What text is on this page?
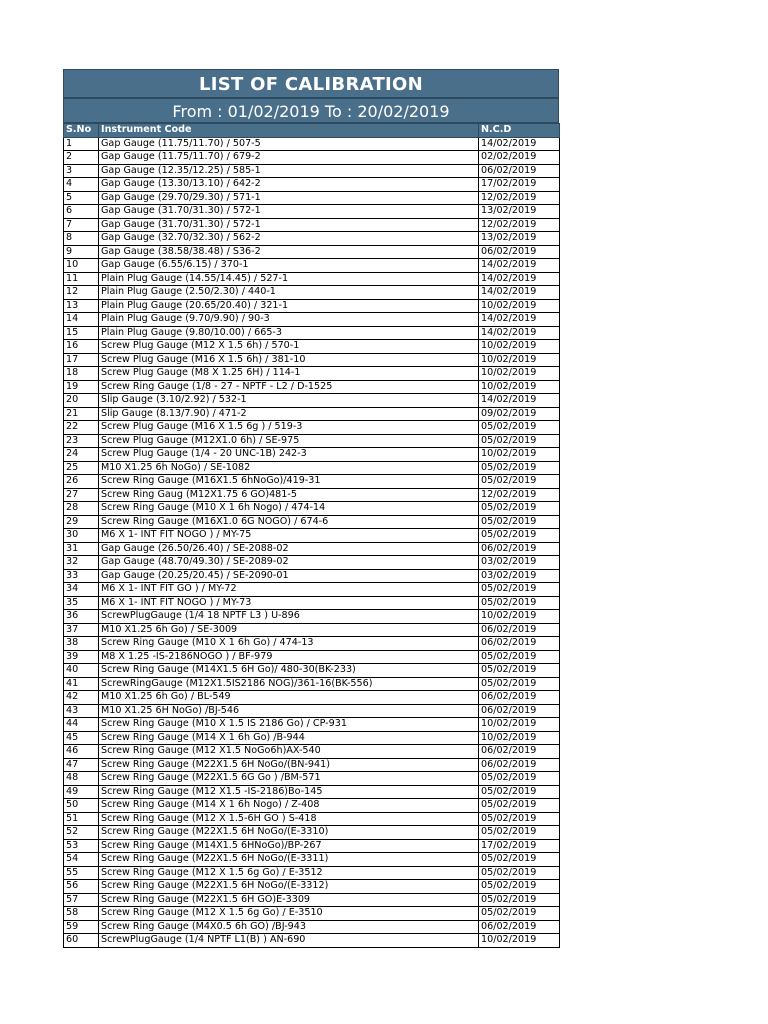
LIST OF CALIBRATION
From : 01/02/2019 To : 20/02/2019
S.No	Instrument Code	N.C.D
1	Gap Gauge (11.75/11.70) / 507-5	14/02/2019
2	Gap Gauge (11.75/11.70) / 679-2	02/02/2019
3	Gap Gauge (12.35/12.25) / 585-1	06/02/2019
4	Gap Gauge (13.30/13.10) / 642-2	17/02/2019
5	Gap Gauge (29.70/29.30) / 571-1	12/02/2019
6	Gap Gauge (31.70/31.30) / 572-1	13/02/2019
7	Gap Gauge (31.70/31.30) / 572-1	12/02/2019
8	Gap Gauge (32.70/32.30) / 562-2	13/02/2019
9	Gap Gauge (38.58/38.48) / S36-2	06/02/2019
10	Gap Gauge (6.55/6.15) / 370-1	14/02/2019
11	Plain Plug Gauge (14.55/14.45) / 527-1	14/02/2019
12	Plain Plug Gauge (2.50/2.30) / 440-1	14/02/2019
13	Plain Plug Gauge (20.65/20.40) / 321-1	10/02/2019
14	Plain Plug Gauge (9.70/9.90) / 90-3	14/02/2019
15	Plain Plug Gauge (9.80/10.00) / 665-3	14/02/2019
16	Screw Plug Gauge (M12 X 1.5 6h) / 570-1	10/02/2019
17	Screw Plug Gauge (M16 X 1.5 6h) / 381-10	10/02/2019
18	Screw Plug Gauge (M8 X 1.25 6H) / 114-1	10/02/2019
19	Screw Ring Gauge (1/8 - 27 - NPTF - L2 / D-1525	10/02/2019
20	Slip Gauge (3.10/2.92) / 532-1	14/02/2019
21	Slip Gauge (8.13/7.90) / 471-2	09/02/2019
22	Screw Plug Gauge (M16 X 1.5 6g ) / 519-3	05/02/2019
23	Screw Plug Gauge (M12X1.0 6h) / SE-975	05/02/2019
24	Screw Plug Gauge (1/4 - 20 UNC-1B) 242-3	10/02/2019
25	M10 X1.25 6h NoGo) / SE-1082	05/02/2019
26	Screw Ring Gauge (M16X1.5 6hNoGo)/419-31	05/02/2019
27	Screw Ring Gaug (M12X1.75 6 GO)481-5	12/02/2019
28	Screw Ring Gauge (M10 X 1 6h Nogo) / 474-14	05/02/2019
29	Screw Ring Gauge (M16X1.0 6G NOGO) / 674-6	05/02/2019
30	M6 X 1- INT FIT NOGO ) / MY-75	05/02/2019
31	Gap Gauge (26.50/26.40) / SE-2088-02	06/02/2019
32	Gap Gauge (48.70/49.30) / SE-2089-02	03/02/2019
33	Gap Gauge (20.25/20.45) / SE-2090-01	03/02/2019
34	M6 X 1- INT FIT GO ) / MY-72	05/02/2019
35	M6 X 1- INT FIT NOGO ) / MY-73	05/02/2019
36	ScrewPlugGauge (1/4 18 NPTF L3 ) U-896	10/02/2019
37	M10 X1.25 6h Go) / SE-3009	06/02/2019
38	Screw Ring Gauge (M10 X 1 6h Go) / 474-13	06/02/2019
39	M8 X 1.25 -IS-2186NOGO ) / BF-979	05/02/2019
40	Screw Ring Gauge (M14X1.5 6H Go)/ 480-30(BK-233)	05/02/2019
41	ScrewRingGauge (M12X1.5IS2186 NOG)/361-16(BK-556)	05/02/2019
42	M10 X1.25 6h Go) / BL-549	06/02/2019
43	M10 X1.25 6H NoGo) /BJ-546	06/02/2019
44	Screw Ring Gauge (M10 X 1.5 IS 2186 Go) / CP-931	10/02/2019
45	Screw Ring Gauge (M14 X 1 6h Go) /B-944	10/02/2019
46	Screw Ring Gauge (M12 X1.5 NoGo6h)AX-540	06/02/2019
47	Screw Ring Gauge (M22X1.5 6H NoGo/(BN-941)	06/02/2019
48	Screw Ring Gauge (M22X1.5 6G Go ) /BM-571	05/02/2019
49	Screw Ring Gauge (M12 X1.5 -IS-2186)Bo-145	05/02/2019
50	Screw Ring Gauge (M14 X 1 6h Nogo) / Z-408	05/02/2019
51	Screw Ring Gauge (M12 X 1.5-6H GO ) S-418	05/02/2019
52	Screw Ring Gauge (M22X1.5 6H NoGo/(E-3310)	05/02/2019
53	Screw Ring Gauge (M14X1.5 6HNoGo)/BP-267	17/02/2019
54	Screw Ring Gauge (M22X1.5 6H NoGo/(E-3311)	05/02/2019
55	Screw Ring Gauge (M12 X 1.5 6g Go) / E-3512	05/02/2019
56	Screw Ring Gauge (M22X1.5 6H NoGo/(E-3312)	05/02/2019
57	Screw Ring Gauge (M22X1.5 6H GO)E-3309	05/02/2019
58	Screw Ring Gauge (M12 X 1.5 6g Go) / E-3510	05/02/2019
59	Screw Ring Gauge (M4X0.5 6h GO) /BJ-943	06/02/2019
60	ScrewPlugGauge (1/4 NPTF L1(B) ) AN-690	10/02/2019
